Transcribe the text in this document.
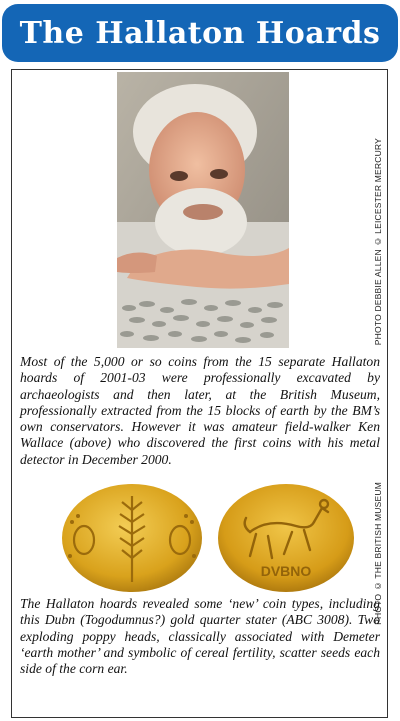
The Hallaton Hoards
PHOTO DEBBIE ALLEN © LEICESTER MERCURY

Most of the 5,000 or so coins from the 15 separate Hallaton hoards of 2001-03 were professionally excavated by archaeologists and then later, at the British Museum, professionally extracted from the 15 blocks of earth by the BM’s own conservators. However it was amateur field-walker Ken Wallace (above) who discovered the first coins with his metal detector in December 2000.

DVBNO	PHOTO © THE BRITISH MUSEUM

The Hallaton hoards revealed some ‘new’ coin types, including this Dubn (Togodumnus?) gold quarter stater (ABC 3008). Two exploding poppy heads, classically associated with Demeter ‘earth mother’ and symbolic of cereal fertility, scatter seeds each side of the corn ear.
